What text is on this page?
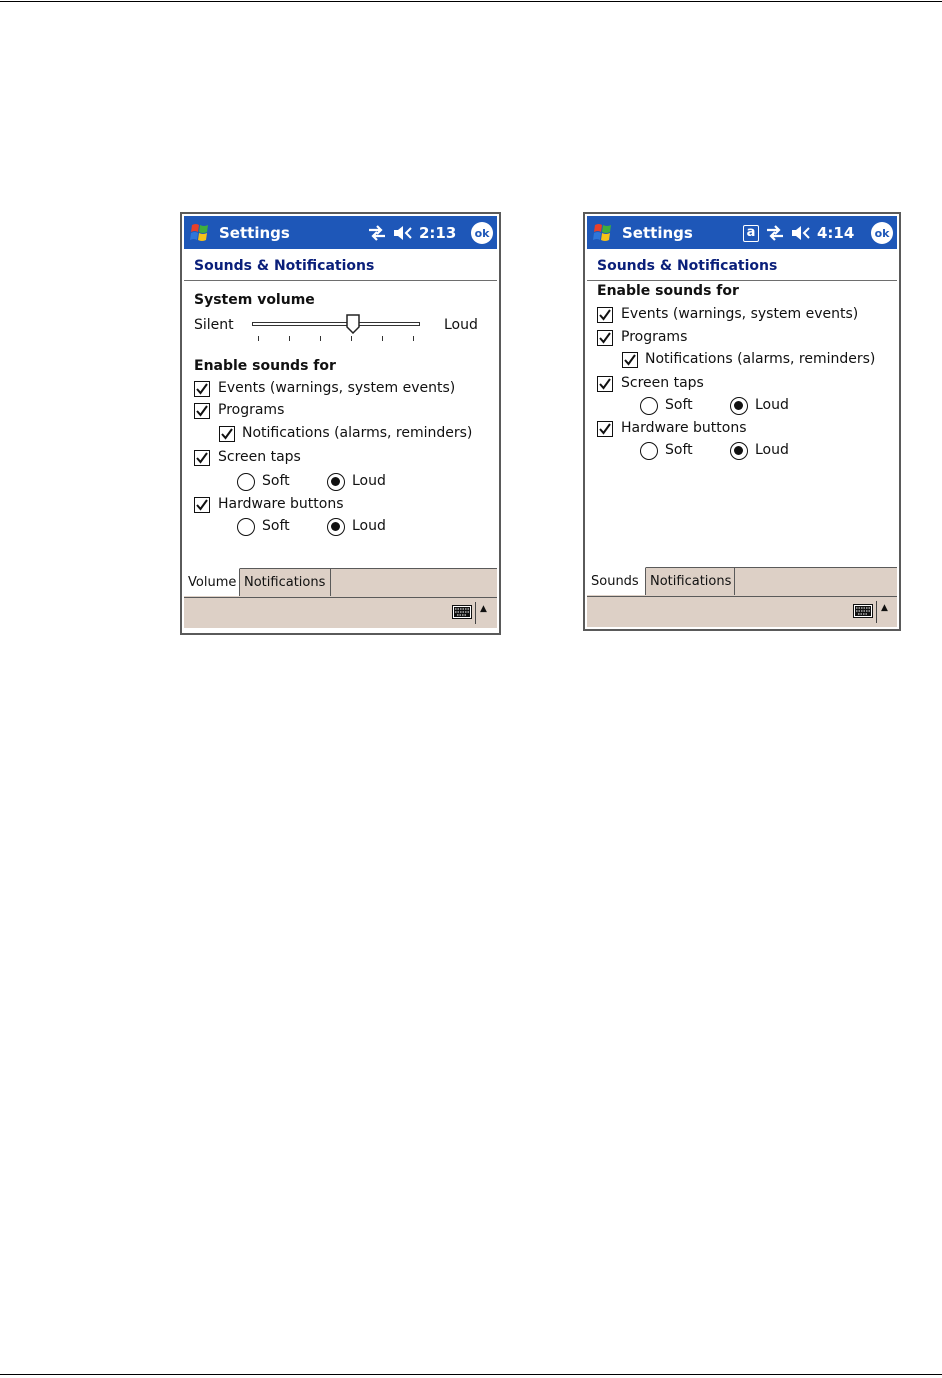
Settings	2:13 ok
Sounds & Notifications
System volume
Silent	Loud
Enable sounds for
Events (warnings, system events)
Programs
Notifications (alarms, reminders)
Screen taps
Soft	Loud
Hardware buttons
Soft	Loud
Volume Notifications
▲
Settings	a	4:14 ok
Sounds & Notifications
Enable sounds for
Events (warnings, system events)
Programs
Notifications (alarms, reminders)
Screen taps
Soft	Loud
Hardware buttons
Soft	Loud
Sounds Notifications
▲
